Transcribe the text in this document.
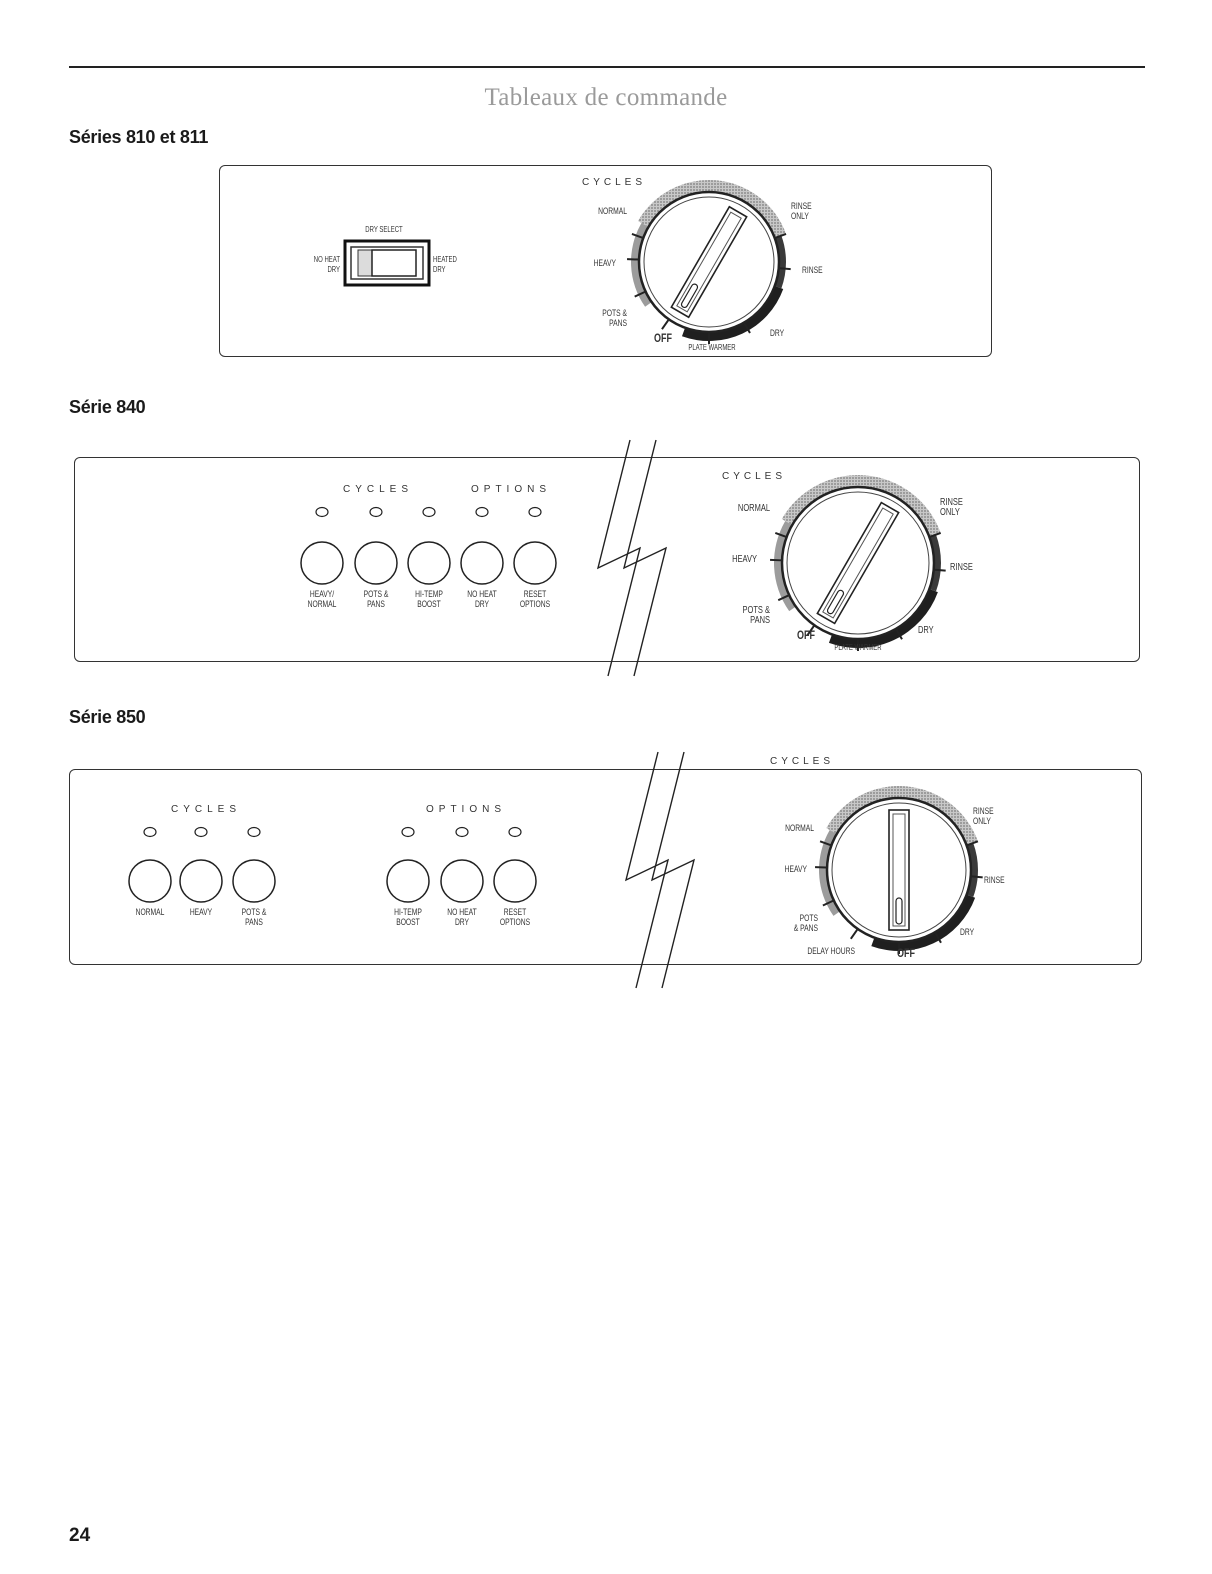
Tableaux de commande
Séries 810 et 811
Série 840
Série 850
24
DRY SELECT
NO HEAT
DRY
HEATED
DRY
CYCLES
NORMAL
HEAVY
POTS &
PANS
RINSE
ONLY
RINSE
DRY
OFF
PLATE WARMER
CYCLES	OPTIONS
HEAVY/
NORMAL
POTS &
PANS
HI-TEMP
BOOST
NO HEAT
DRY
RESET
OPTIONS
CYCLES
NORMAL
HEAVY
POTS &
PANS
RINSE
ONLY
RINSE
DRY
OFF
PLATE WARMER
CYCLES	OPTIONS
NORMAL	HEAVY	POTS &
PANS
HI-TEMP
BOOST
NO HEAT
DRY
RESET
OPTIONS
CYCLES
NORMAL
HEAVY
POTS
& PANS
RINSE
ONLY
RINSE
DRY
OFF
DELAY HOURS
